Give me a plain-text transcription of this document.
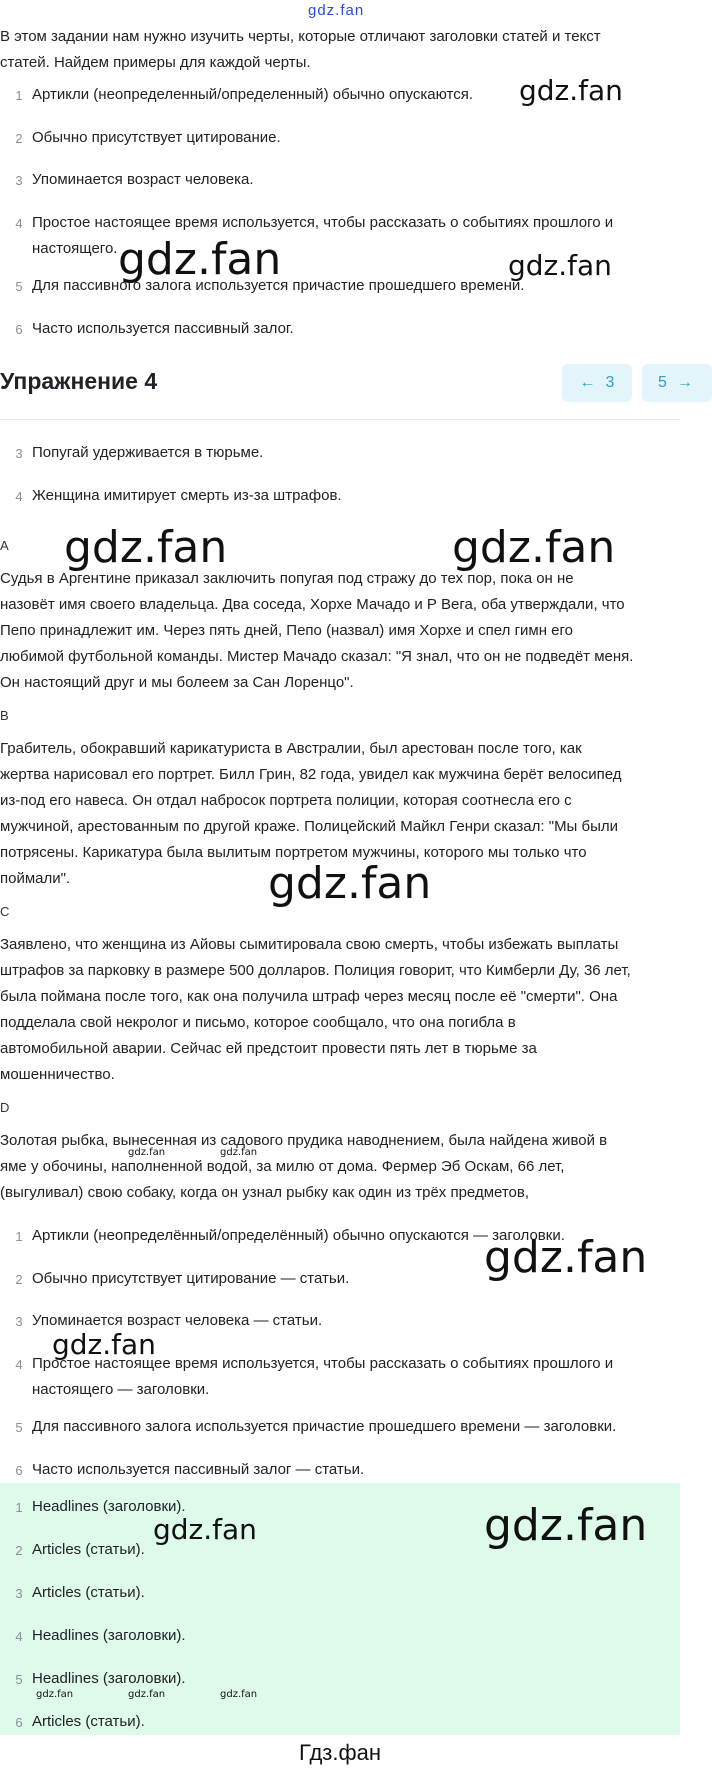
gdz.fan
В этом задании нам нужно изучить черты, которые отличают заголовки статей и текст
статей. Найдем примеры для каждой черты.
1 Артикли (неопределенный/определенный) обычно опускаются.
2 Обычно присутствует цитирование.
3 Упоминается возраст человека.
4 Простое настоящее время используется, чтобы рассказать о событиях прошлого и
настоящего.
5 Для пассивного залога используется причастие прошедшего времени.
6 Часто используется пассивный залог.
Упражнение 4	← 3	5 →
3 Попугай удерживается в тюрьме.
4 Женщина имитирует смерть из-за штрафов.
A
Судья в Аргентине приказал заключить попугая под стражу до тех пор, пока он не
назовёт имя своего владельца. Два соседа, Хорхе Мачадо и Р Вега, оба утверждали, что
Пепо принадлежит им. Через пять дней, Пепо (назвал) имя Хорхе и спел гимн его
любимой футбольной команды. Мистер Мачадо сказал: "Я знал, что он не подведёт меня.
Он настоящий друг и мы болеем за Сан Лоренцо".
B
Грабитель, обокравший карикатуриста в Австралии, был арестован после того, как
жертва нарисовал его портрет. Билл Грин, 82 года, увидел как мужчина берёт велосипед
из-под его навеса. Он отдал набросок портрета полиции, которая соотнесла его с
мужчиной, арестованным по другой краже. Полицейский Майкл Генри сказал: "Мы были
потрясены. Карикатура была вылитым портретом мужчины, которого мы только что
поймали".
C
Заявлено, что женщина из Айовы сымитировала свою смерть, чтобы избежать выплаты
штрафов за парковку в размере 500 долларов. Полиция говорит, что Кимберли Ду, 36 лет,
была поймана после того, как она получила штраф через месяц после её "смерти". Она
подделала свой некролог и письмо, которое сообщало, что она погибла в
автомобильной аварии. Сейчас ей предстоит провести пять лет в тюрьме за
мошенничество.
D
Золотая рыбка, вынесенная из садового прудика наводнением, была найдена живой в
яме у обочины, наполненной водой, за милю от дома. Фермер Эб Оскам, 66 лет,
(выгуливал) свою собаку, когда он узнал рыбку как один из трёх предметов,
1 Артикли (неопределённый/определённый) обычно опускаются — заголовки.
2 Обычно присутствует цитирование — статьи.
3 Упоминается возраст человека — статьи.
4 Простое настоящее время используется, чтобы рассказать о событиях прошлого и
настоящего — заголовки.
5 Для пассивного залога используется причастие прошедшего времени — заголовки.
6 Часто используется пассивный залог — статьи.
1 Headlines (заголовки).
2 Articles (статьи).
3 Articles (статьи).
4 Headlines (заголовки).
5 Headlines (заголовки).
6 Articles (статьи).
gdz.fan
gdz.fan	gdz.fan
gdz.fan	gdz.fan
gdz.fan
gdz.fan	gdz.fan
gdz.fan
gdz.fan
gdz.fan	gdz.fan
gdz.fan	gdz.fan	gdz.fan
Гдз.фан
